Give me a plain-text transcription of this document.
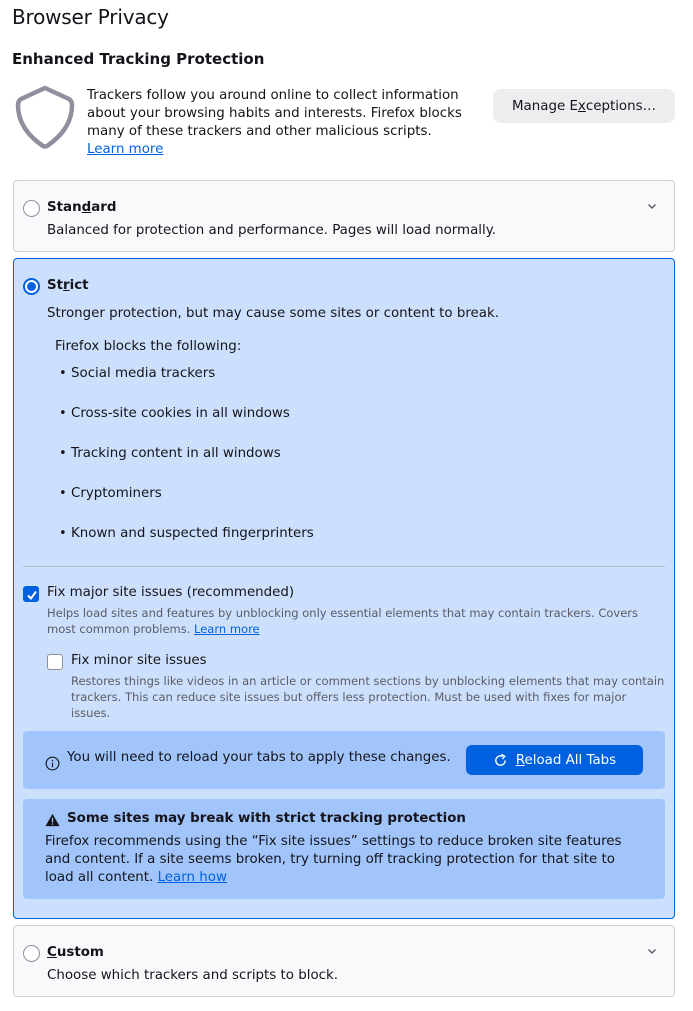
Browser Privacy
Enhanced Tracking Protection
Trackers follow you around online to collect information about your browsing habits and interests. Firefox blocks many of these trackers and other malicious scripts.
Learn more
Manage E x ceptions…
Standard
Balanced for protection and performance. Pages will load normally.
Strict
Stronger protection, but may cause some sites or content to break.
Firefox blocks the following:
• Social media trackers
• Cross-site cookies in all windows
• Tracking content in all windows
• Cryptominers
• Known and suspected fingerprinters
Fix major site issues (recommended)
Helps load sites and features by unblocking only essential elements that may contain trackers. Covers most common problems. Learn more
Fix minor site issues
Restores things like videos in an article or comment sections by unblocking elements that may contain trackers. This can reduce site issues but offers less protection. Must be used with fixes for major issues.
You will need to reload your tabs to apply these changes.	Reload All Tabs
Some sites may break with strict tracking protection
Firefox recommends using the “Fix site issues” settings to reduce broken site features and content. If a site seems broken, try turning off tracking protection for that site to load all content. Learn how
Custom
Choose which trackers and scripts to block.
